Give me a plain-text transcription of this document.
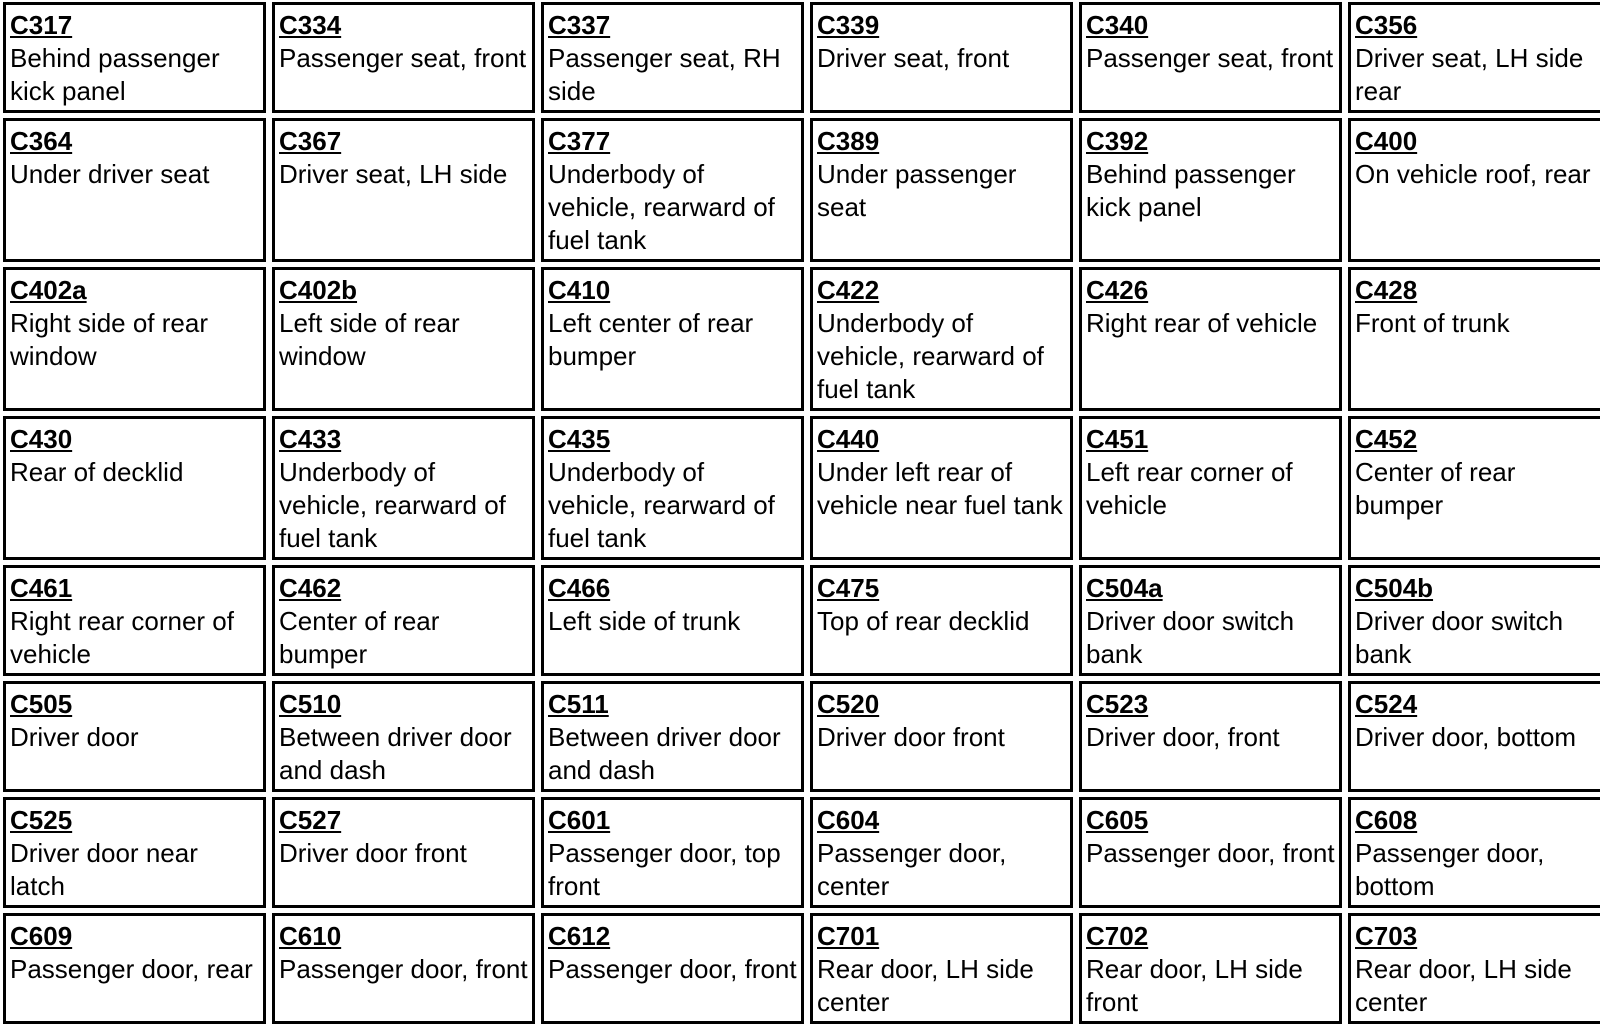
C317
Behind passenger kick panel	C334
Passenger seat, front	C337
Passenger seat, RH side	C339
Driver seat, front	C340
Passenger seat, front	C356
Driver seat, LH side rear

C364
Under driver seat	C367
Driver seat, LH side	C377
Underbody of vehicle, rearward of fuel tank	C389
Under passenger seat	C392
Behind passenger kick panel	C400
On vehicle roof, rear

C402a
Right side of rear window	C402b
Left side of rear window	C410
Left center of rear bumper	C422
Underbody of vehicle, rearward of fuel tank	C426
Right rear of vehicle	C428
Front of trunk

C430
Rear of decklid	C433
Underbody of vehicle, rearward of fuel tank	C435
Underbody of vehicle, rearward of fuel tank	C440
Under left rear of vehicle near fuel tank	C451
Left rear corner of vehicle	C452
Center of rear bumper

C461
Right rear corner of vehicle	C462
Center of rear bumper	C466
Left side of trunk	C475
Top of rear decklid	C504a
Driver door switch bank	C504b
Driver door switch bank

C505
Driver door	C510
Between driver door and dash	C511
Between driver door and dash	C520
Driver door front	C523
Driver door, front	C524
Driver door, bottom

C525
Driver door near latch	C527
Driver door front	C601
Passenger door, top front	C604
Passenger door, center	C605
Passenger door, front	C608
Passenger door, bottom

C609
Passenger door, rear	C610
Passenger door, front	C612
Passenger door, front	C701
Rear door, LH side center	C702
Rear door, LH side front	C703
Rear door, LH side center
